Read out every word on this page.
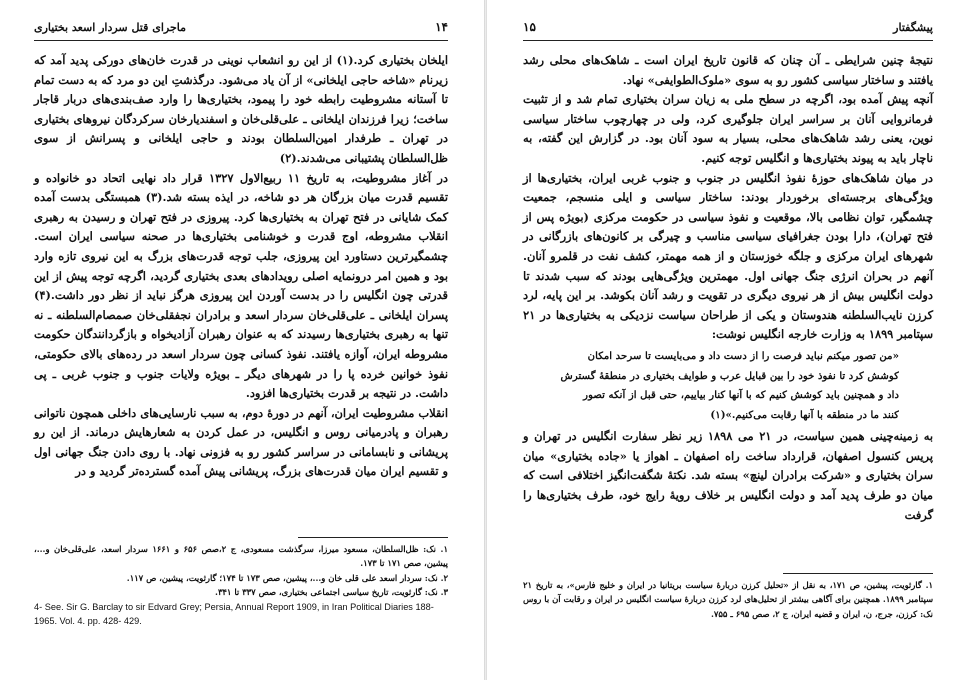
۱۴
ماجرای قتل سردار اسعد بختیاری

ایلخان بختیاری کرد.(۱) از این رو انشعاب نوینی در قدرت خان‌های دورکی پدید آمد که زیرنام «شاخه حاجی ایلخانی» از آن یاد می‌شود. درگذشتِ این دو مرد که به دست تمام تا آستانه مشروطیت رابطه خود را پیمود، بختیاری‌ها را وارد صف‌بندی‌های دربار قاجار ساخت؛ زیرا فرزندان ایلخانی ـ علی‌قلی‌خان و اسفندیارخان سرکردگان نیروهای بختیاری در تهران ـ طرفدار امین‌السلطان بودند و حاجی ایلخانی و پسرانش از سوی ظل‌السلطان پشتیبانی می‌شدند.(۲)

در آغاز مشروطیت، به تاریخ ۱۱ ربیع‌الاول ۱۳۲۷ قرار داد نهایی اتحاد دو خانواده و تقسیم قدرت میان بزرگان هر دو شاخه، در ایذه بسته شد.(۳) همبستگی بدست آمده کمک شایانی در فتح تهران به بختیاری‌ها کرد. پیروزی در فتح تهران و رسیدن به رهبری انقلاب مشروطه، اوج قدرت و خوشنامی بختیاری‌ها در صحنه سیاسی ایران است. چشمگیرترین دستاورد این پیروزی، جلب توجه قدرت‌های بزرگ به این نیروی تازه وارد بود و همین امر درونمایه اصلی رویدادهای بعدی بختیاری گردید، اگرچه توجه پیش از این قدرتی چون انگلیس را در بدست آوردن این پیروزی هرگز نباید از نظر دور داشت.(۴) پسران ایلخانی ـ علی‌قلی‌خان سردار اسعد و برادران نجفقلی‌خان صمصام‌السلطنه ـ نه تنها به رهبری بختیاری‌ها رسیدند که به عنوان رهبران آزادیخواه و بازگردانندگان حکومت مشروطه ایران، آوازه یافتند. نفوذ کسانی چون سردار اسعد در رده‌های بالای حکومتی، نفوذ خوانین خرده پا را در شهرهای دیگر ـ بویژه ولایات جنوب و جنوب غربی ـ پی‌ داشت. در نتیجه بر قدرت بختیاری‌ها افزود.

انقلاب مشروطیت ایران، آنهم در دورهٔ دوم، به سبب نارسایی‌های داخلی همچون ناتوانی رهبران و پادرمیانی روس و انگلیس، در عمل کردن به شعارهایش درماند. از این رو پریشانی و نابسامانی در سراسر کشور رو به فزونی نهاد. با روی دادن جنگ جهانی اول و تقسیم ایران میان قدرت‌های بزرگ، پریشانی پیش آمده گسترده‌تر گردید و در

۱. نک: ظل‌السلطان، مسعود میرزا، سرگذشت مسعودی، ج ۲،صص ۶۵۶ و ۱۶۶۱ سردار اسعد، علی‌قلی‌خان و...، پیشین، صص ۱۷۱ تا ۱۷۳.

۲. نک: سردار اسعد علی قلی خان و...، پیشین، صص ۱۷۳ تا ۱۷۴؛ گارثویت، پیشین، ص ۱۱۷.

۳. نک: گارثویت، تاریخ سیاسی اجتماعی بختیاری، صص ۳۳۷ تا ۳۴۱.

4- See. Sir G. Barclay to sir Edvard Grey; Persia, Annual Report 1909, in Iran Political Diaries 188- 1965. Vol. 4. pp. 428- 429.

پیشگفتار
۱۵

نتیجهٔ چنین شرایطی ـ آن چنان که قانون تاریخ ایران است ـ شاهک‌های محلی رشد یافتند و ساختار سیاسی کشور رو به سوی «ملوک‌الطوایفی» نهاد.

آنچه پیش آمده بود، اگرچه در سطح ملی به زیان سران بختیاری تمام شد و از تثبیت فرمانروایی آنان بر سراسر ایران جلوگیری کرد، ولی در چهارچوب ساختار سیاسی نوین، یعنی رشد شاهک‌های محلی، بسیار به سود آنان بود. در گزارش این گفته، به ناچار باید به پیوند بختیاری‌ها و انگلیس توجه کنیم.

در میان شاهک‌های حوزهٔ نفوذ انگلیس در جنوب و جنوب غربی ایران، بختیاری‌ها از ویژگی‌های برجسته‌ای برخوردار بودند: ساختار سیاسی و ایلی منسجم، جمعیت چشمگیر، توان نظامی بالا، موقعیت و نفوذ سیاسی در حکومت مرکزی (بویژه پس از فتح تهران)، دارا بودن جغرافیای سیاسی مناسب و چیرگی بر کانون‌های بازرگانی در شهرهای ایران مرکزی و جلگه خوزستان و از همه مهمتر، کشف نفت در قلمرو آنان. آنهم در بحران انرژی جنگ جهانی اول. مهمترین ویژگی‌هایی بودند که سبب شدند تا دولت انگلیس بیش از هر نیروی دیگری در تقویت و رشد آنان بکوشد. بر این پایه، لرد کرزن نایب‌السلطنه هندوستان و یکی از طراحان سیاست نزدیکی به بختیاری‌ها در ۲۱ سپتامبر ۱۸۹۹ به وزارت خارجه انگلیس نوشت:

«من تصور میکنم نباید فرصت را از دست داد و می‌بایست تا سرحد امکان
کوشش کرد تا نفوذ خود را بین قبایل عرب و طوایف بختیاری در منطقهٔ گسترش
داد و همچنین باید کوشش کنیم که با آنها کنار بیاییم، حتی قبل از آنکه تصور
کنند ما در منطقه با آنها رقابت می‌کنیم.»(۱)

به زمینه‌چینی همین سیاست، در ۲۱ می ۱۸۹۸ زیر نظر سفارت انگلیس در تهران و پریس کنسول اصفهان، قرارداد ساخت راه اصفهان ـ اهواز یا «جاده بختیاری» میان سران بختیاری و «شرکت برادران لینچ» بسته شد. نکتهٔ شگفت‌انگیز اختلافی است که میان دو طرف پدید آمد و دولت انگلیس بر خلاف رویهٔ رایج خود، طرف بختیاری‌ها را گرفت

۱. گارثویت، پیشین، ص ۱۷۱، به نقل از «تحلیل کرزن دربارهٔ سیاست بریتانیا در ایران و خلیج فارس»، به تاریخ ۲۱ سپتامبر ۱۸۹۹. همچنین برای آگاهی بیشتر از تحلیل‌های لرد کرزن دربارهٔ سیاست انگلیس در ایران و رقابت آن با روس نک: کرزن، جرج، ن، ایران و قضیه ایران، ج ۲، صص ۶۹۵ ـ ۷۵۵.
